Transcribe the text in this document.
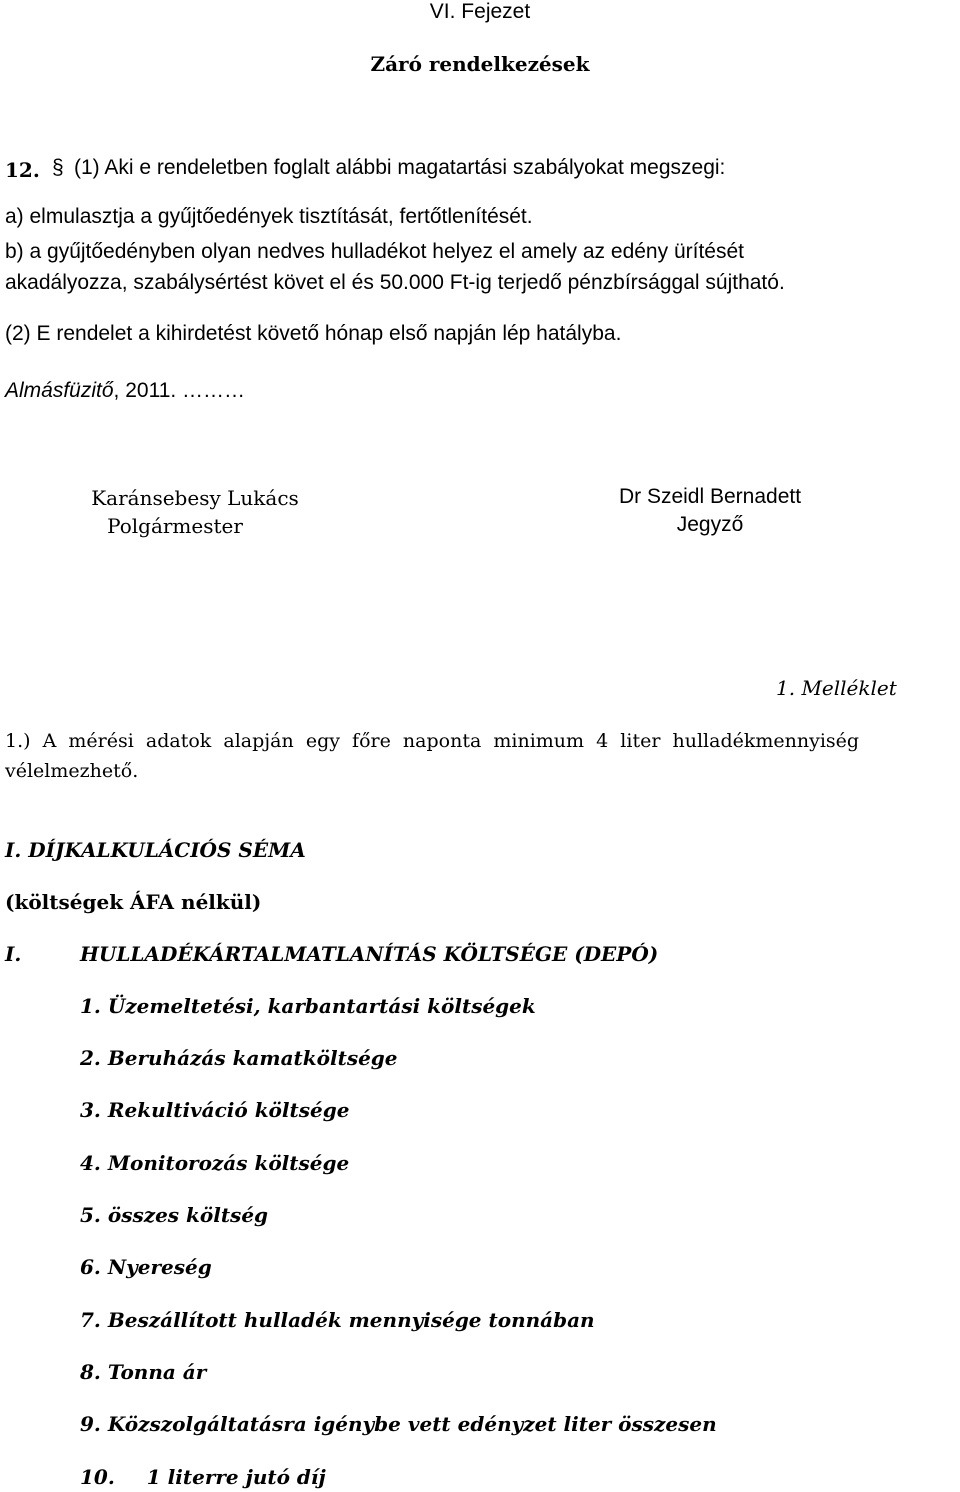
VI. Fejezet
Záró rendelkezések
12. § (1) Aki e rendeletben foglalt alábbi magatartási szabályokat megszegi:
a) elmulasztja a gyűjtőedények tisztítását, fertőtlenítését.
b) a gyűjtőedényben olyan nedves hulladékot helyez el amely az edény ürítését
akadályozza, szabálysértést követ el és 50.000 Ft-ig terjedő pénzbírsággal sújtható.
(2) E rendelet a kihirdetést követő hónap első napján lép hatályba.
Almásfüzitő, 2011. ………
Karánsebesy Lukács
Polgármester
Dr Szeidl Bernadett
Jegyző
1. Melléklet
1.)  A  mérési  adatok  alapján  egy  főre  naponta  minimum  4  liter  hulladékmennyiség
vélelmezhető.
I. DÍJKALKULÁCIÓS SÉMA
(költségek ÁFA nélkül)
I.	HULLADÉKÁRTALMATLANÍTÁS KÖLTSÉGE (DEPÓ)
1. Üzemeltetési, karbantartási költségek
2. Beruházás kamatköltsége
3. Rekultiváció költsége
4. Monitorozás költsége
5. összes költség
6. Nyereség
7. Beszállított hulladék mennyisége tonnában
8. Tonna ár
9. Közszolgáltatásra igénybe vett edényzet liter összesen
10. 1 literre jutó díj
